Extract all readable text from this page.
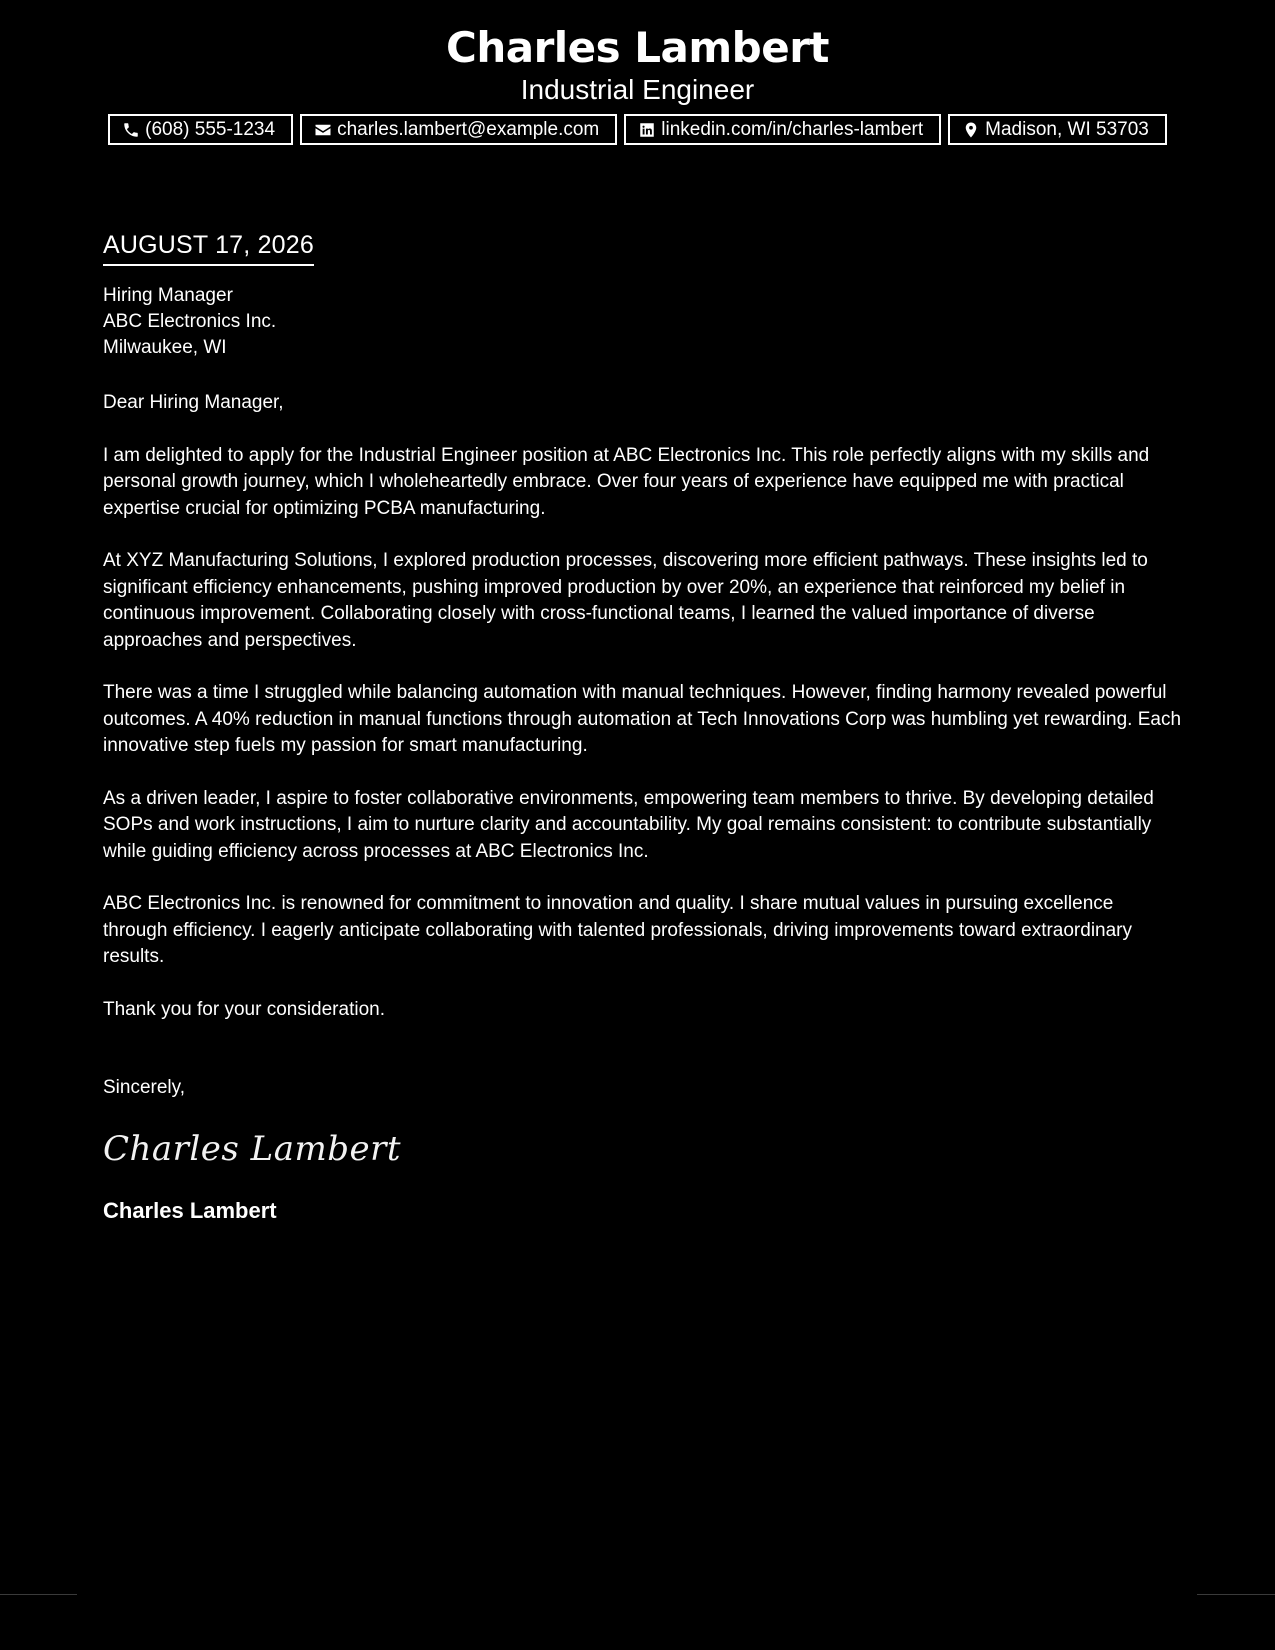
Charles Lambert
Industrial Engineer
(608) 555-1234	charles.lambert@example.com	linkedin.com/in/charles-lambert	Madison, WI 53703
AUGUST 17, 2026
Hiring Manager
ABC Electronics Inc.
Milwaukee, WI
Dear Hiring Manager,

I am delighted to apply for the Industrial Engineer position at ABC Electronics Inc. This role perfectly aligns with my skills and personal growth journey, which I wholeheartedly embrace. Over four years of experience have equipped me with practical expertise crucial for optimizing PCBA manufacturing.

At XYZ Manufacturing Solutions, I explored production processes, discovering more efficient pathways. These insights led to significant efficiency enhancements, pushing improved production by over 20%, an experience that reinforced my belief in continuous improvement. Collaborating closely with cross-functional teams, I learned the valued importance of diverse approaches and perspectives.

There was a time I struggled while balancing automation with manual techniques. However, finding harmony revealed powerful outcomes. A 40% reduction in manual functions through automation at Tech Innovations Corp was humbling yet rewarding. Each innovative step fuels my passion for smart manufacturing.

As a driven leader, I aspire to foster collaborative environments, empowering team members to thrive. By developing detailed SOPs and work instructions, I aim to nurture clarity and accountability. My goal remains consistent: to contribute substantially while guiding efficiency across processes at ABC Electronics Inc.

ABC Electronics Inc. is renowned for commitment to innovation and quality. I share mutual values in pursuing excellence through efficiency. I eagerly anticipate collaborating with talented professionals, driving improvements toward extraordinary results.

Thank you for your consideration.

Sincerely,
Charles Lambert
Charles Lambert
